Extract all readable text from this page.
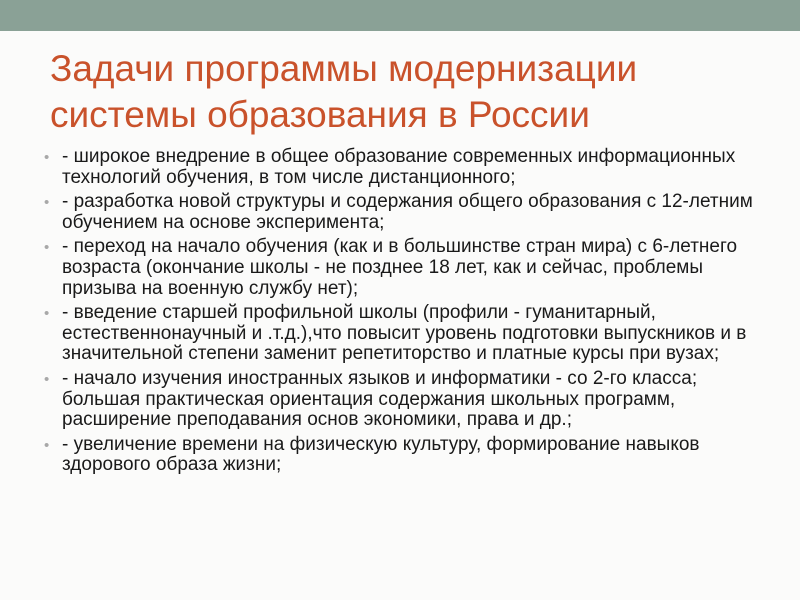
Задачи программы модернизации системы образования в России
• - широкое внедрение в общее образование современных информационных технологий обучения, в том числе дистанционного;
• - разработка новой структуры и содержания общего образования с 12-летним обучением на основе эксперимента;
• - переход на начало обучения (как и в большинстве стран мира) с 6-летнего возраста (окончание школы - не позднее 18 лет, как и сейчас, проблемы призыва на военную службу нет);
• - введение старшей профильной школы (профили - гуманитарный, естественнонаучный и .т.д.),что повысит уровень подготовки выпускников и в значительной степени заменит репетиторство и платные курсы при вузах;
• - начало изучения иностранных языков и информатики - со 2-го класса; большая практическая ориентация содержания школьных программ, расширение преподавания основ экономики, права и др.;
• - увеличение времени на физическую культуру, формирование навыков здорового образа жизни;
